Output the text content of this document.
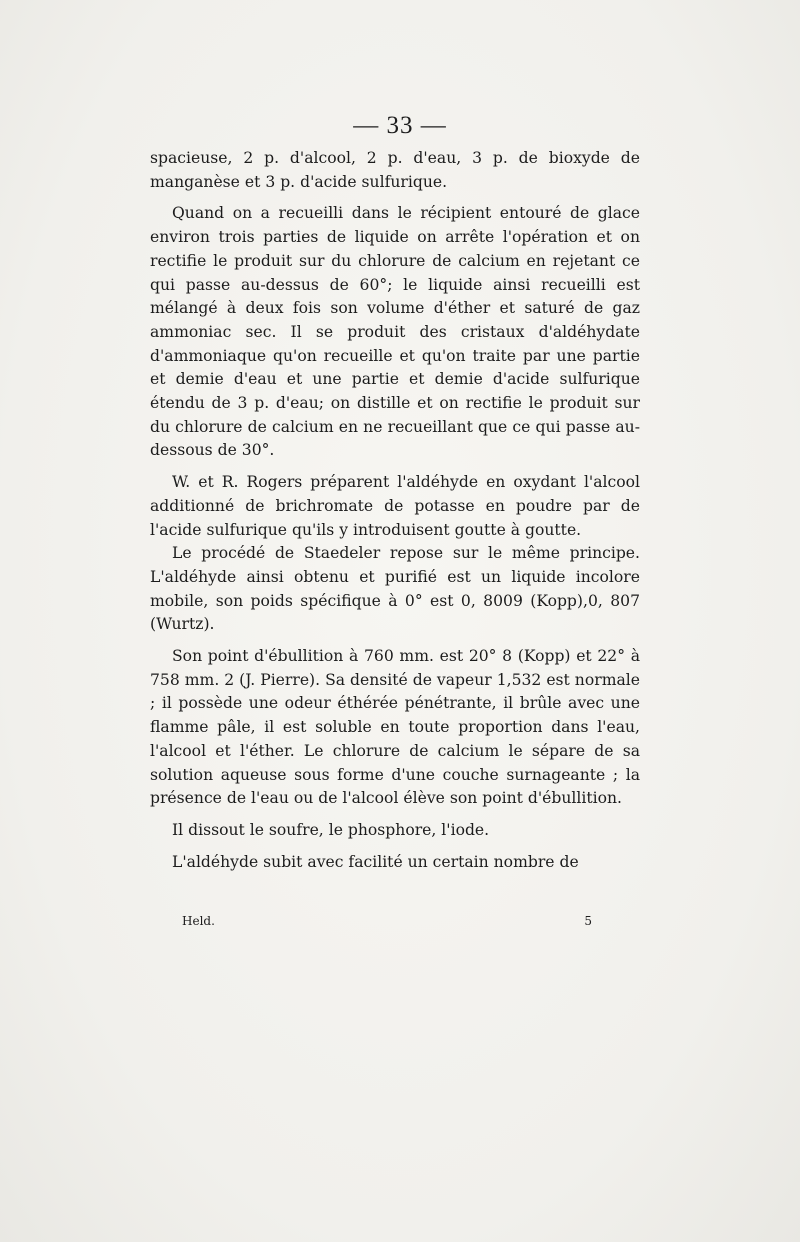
— 33 —

spacieuse, 2 p. d'alcool, 2 p. d'eau, 3 p. de bioxyde de manganèse et 3 p. d'acide sulfurique.

Quand on a recueilli dans le récipient entouré de glace environ trois parties de liquide on arrête l'opération et on rectifie le produit sur du chlorure de calcium en rejetant ce qui passe au-dessus de 60°; le liquide ainsi recueilli est mélangé à deux fois son volume d'éther et saturé de gaz ammoniac sec. Il se produit des cristaux d'aldéhydate d'ammoniaque qu'on recueille et qu'on traite par une partie et demie d'eau et une partie et demie d'acide sulfurique étendu de 3 p. d'eau; on distille et on rectifie le produit sur du chlorure de calcium en ne recueillant que ce qui passe au-dessous de 30°.

W. et R. Rogers préparent l'aldéhyde en oxydant l'alcool additionné de brichromate de potasse en poudre par de l'acide sulfurique qu'ils y introduisent goutte à goutte.

Le procédé de Staedeler repose sur le même principe. L'aldéhyde ainsi obtenu et purifié est un liquide incolore mobile, son poids spécifique à 0° est 0, 8009 (Kopp),0, 807 (Wurtz).

Son point d'ébullition à 760 mm. est 20° 8 (Kopp) et 22° à 758 mm. 2 (J. Pierre). Sa densité de vapeur 1,532 est normale ; il possède une odeur éthérée pénétrante, il brûle avec une flamme pâle, il est soluble en toute proportion dans l'eau, l'alcool et l'éther. Le chlorure de calcium le sépare de sa solution aqueuse sous forme d'une couche surnageante ; la présence de l'eau ou de l'alcool élève son point d'ébullition.

Il dissout le soufre, le phosphore, l'iode.

L'aldéhyde subit avec facilité un certain nombre de

Held.	5
